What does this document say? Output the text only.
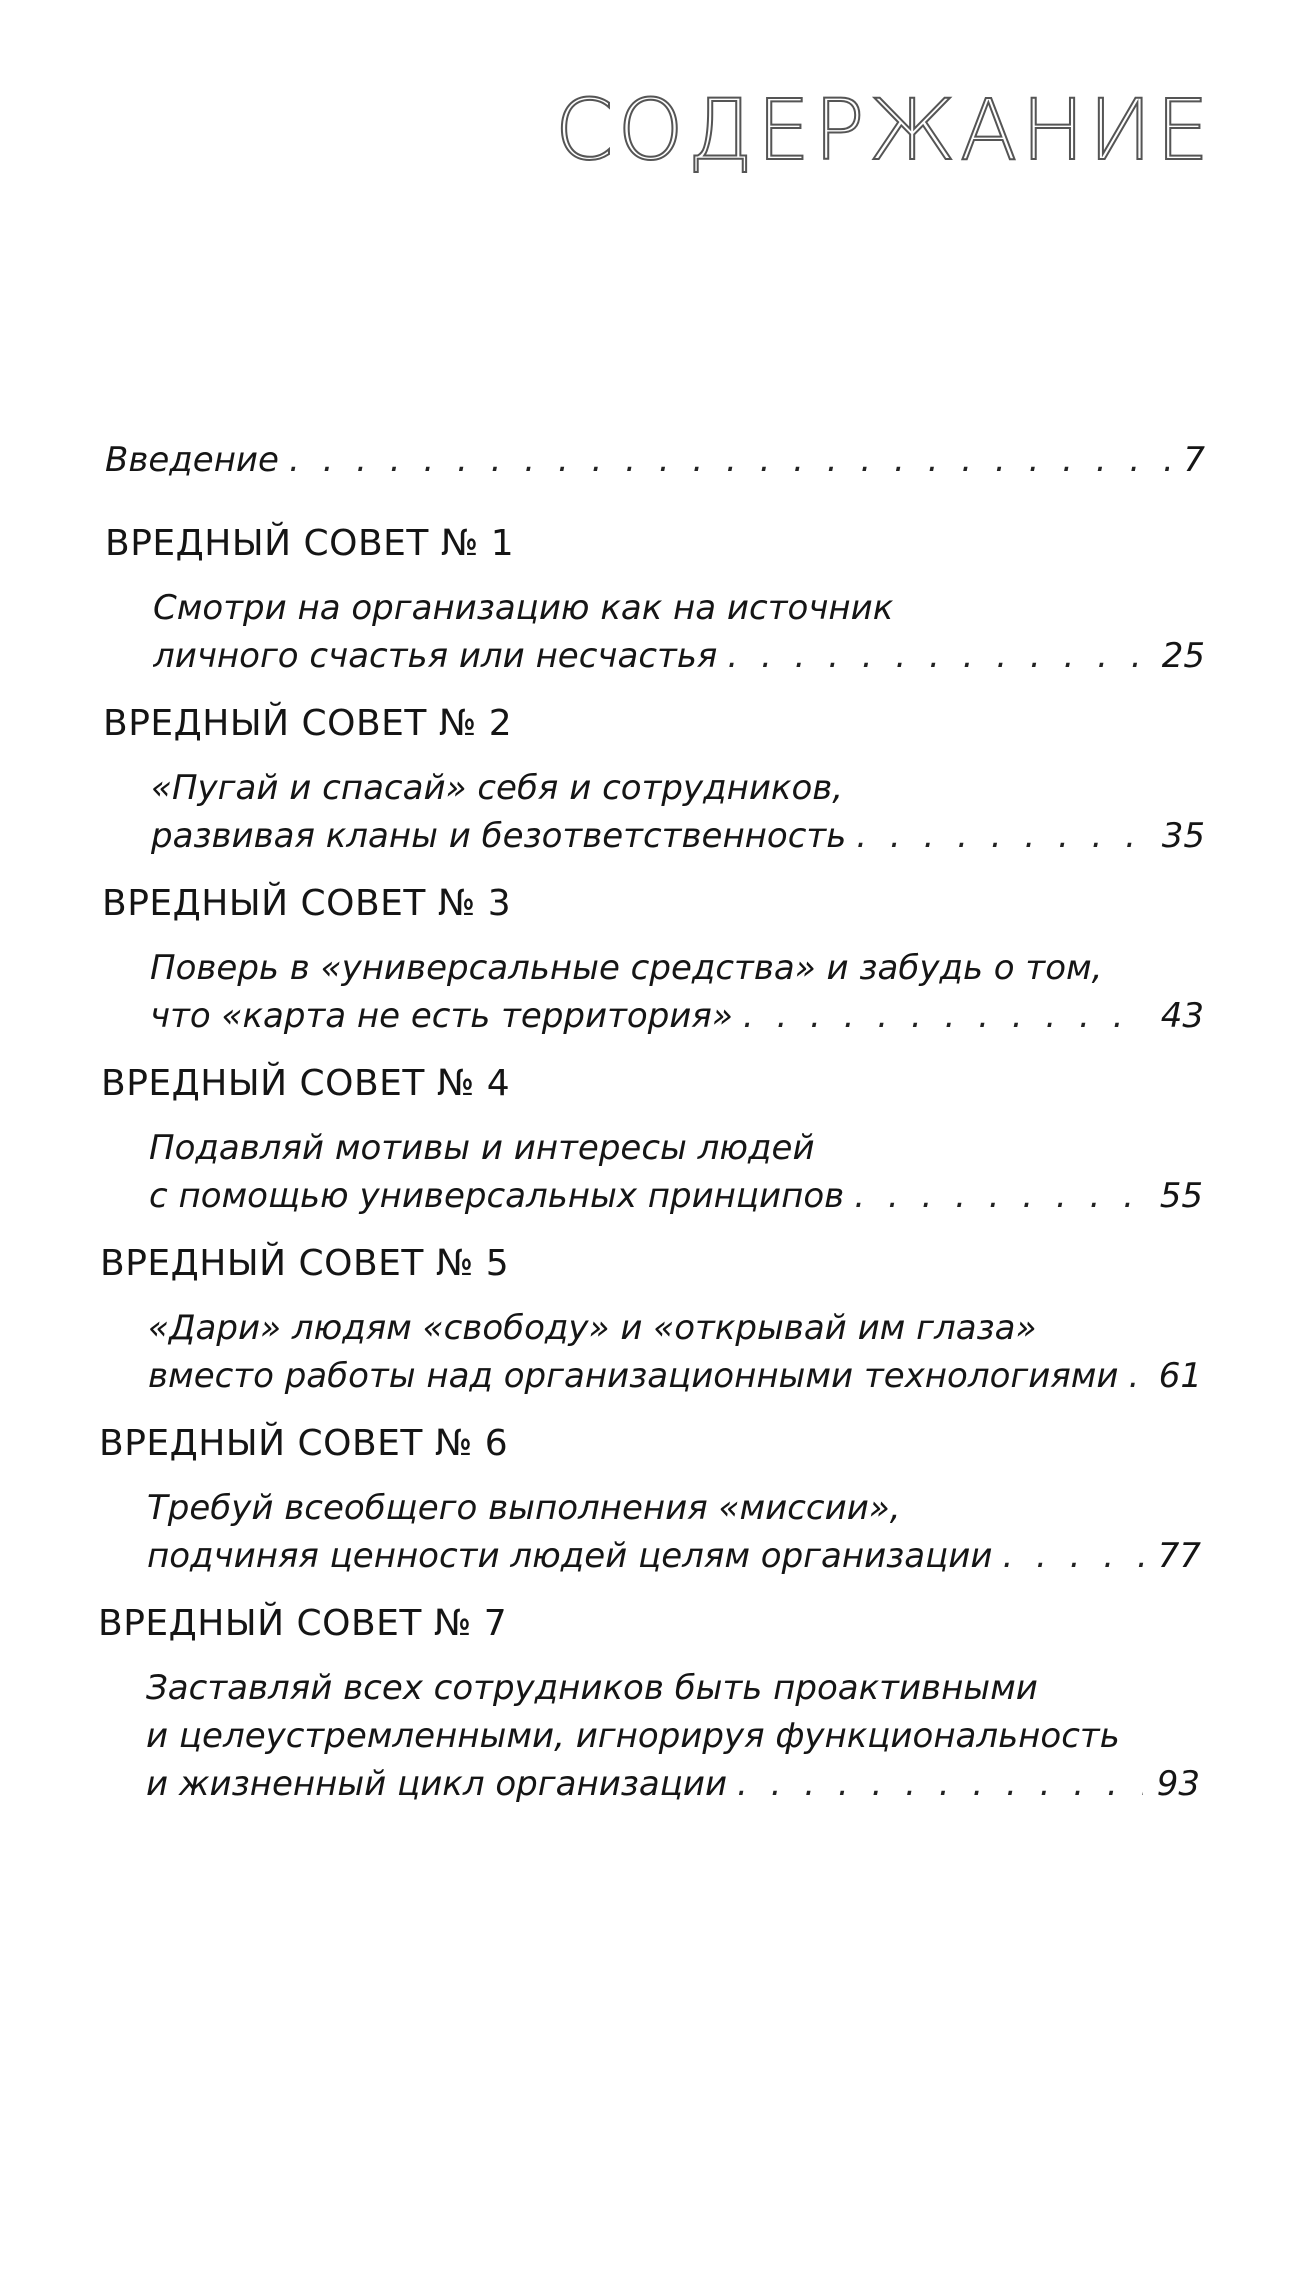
СОДЕРЖАНИЕ
Введение . . .	7
ВРЕДНЫЙ СОВЕТ № 1
Смотри на организацию как на источник
личного счастья или несчастья . . .	25
ВРЕДНЫЙ СОВЕТ № 2
«Пугай и спасай» себя и сотрудников,
развивая кланы и безответственность . . .	35
ВРЕДНЫЙ СОВЕТ № 3
Поверь в «универсальные средства» и забудь о том,
что «карта не есть территория» . . .	43
ВРЕДНЫЙ СОВЕТ № 4
Подавляй мотивы и интересы людей
с помощью универсальных принципов . . .	55
ВРЕДНЫЙ СОВЕТ № 5
«Дари» людям «свободу» и «открывай им глаза»
вместо работы над организационными технологиями . . . 61
ВРЕДНЫЙ СОВЕТ № 6
Требуй всеобщего выполнения «миссии»,
подчиняя ценности людей целям организации . . .	77
ВРЕДНЫЙ СОВЕТ № 7
Заставляй всех сотрудников быть проактивными
и целеустремленными, игнорируя функциональность
и жизненный цикл организации . . .	93
